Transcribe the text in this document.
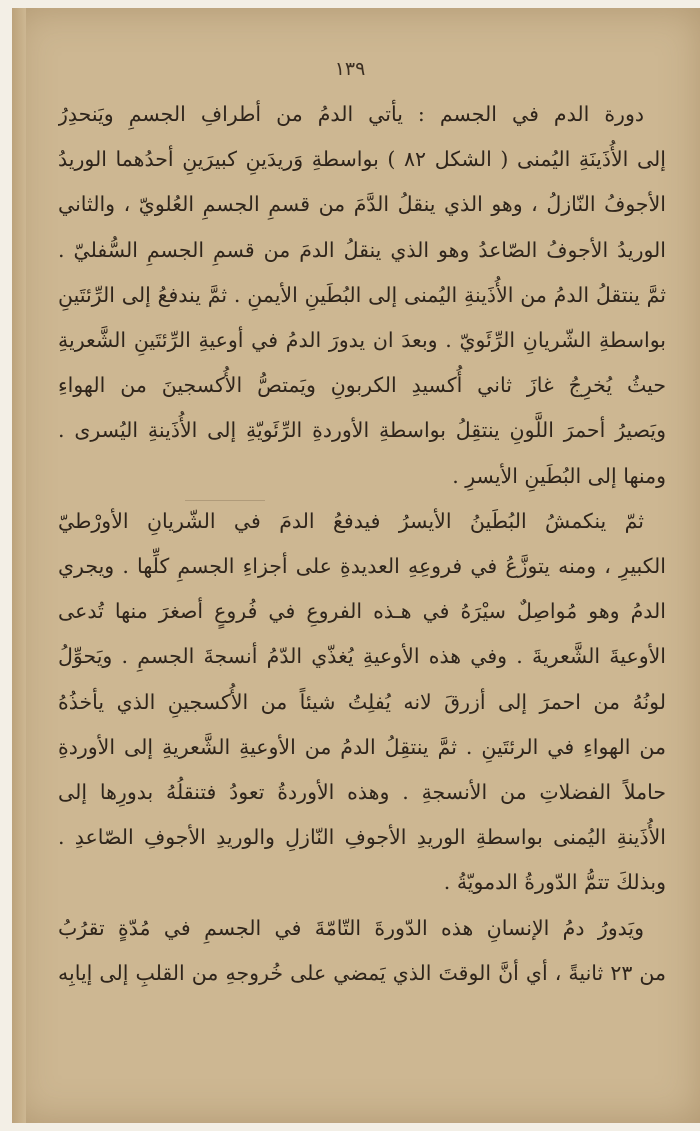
١٣٩
دورة الدم في الجسم : يأتي الدمُ من أطرافِ الجسمِ ويَنحدِرُ
إلى الأُذَينَةِ اليُمنى ( الشكل ٨٢ ) بواسطةِ وَريدَينِ كبيرَينِ أحدُهما الوريدُ
الأجوفُ النّازلُ ، وهو الذي ينقلُ الدَّمَ من قسمِ الجسمِ العُلويّ ، والثاني
الوريدُ الأجوفُ الصّاعدُ وهو الذي ينقلُ الدمَ من قسمِ الجسمِ السُّفليّ .
ثمَّ ينتقلُ الدمُ من الأُذَينةِ اليُمنى إلى البُطَينِ الأيمنِ . ثمَّ يندفعُ إلى الرِّئتَينِ
بواسطةِ الشّريانِ الرِّئَويّ . وبعدَ ان يدورَ الدمُ في أوعيةِ الرِّئتَينِ الشَّعريةِ
حيثُ يُخرِجُ غازَ ثاني أُكسيدِ الكربونِ ويَمتصُّ الأُكسجينَ من الهواءِ
ويَصيرُ أحمرَ اللَّونِ ينتقِلُ بواسطةِ الأوردةِ الرِّئَويّةِ إلى الأُذَينةِ اليُسرى .
ومنها إلى البُطَينِ الأيسرِ .
ثمّ ينكمشُ البُطَينُ الأيسرُ فيدفعُ الدمَ في الشّريانِ الأورْطيّ
الكبيرِ ، ومنه يتوزَّعُ في فروعِهِ العديدةِ على أجزاءِ الجسمِ كلِّها . ويجري
الدمُ وهو مُواصِلٌ سيْرَهُ في هـذه الفروعِ في فُروعٍ أصغرَ منها تُدعى
الأوعيةَ الشَّعريةَ . وفي هذه الأوعيةِ يُغذّي الدّمُ أنسجةَ الجسمِ . ويَحوِّلُ
لونُهُ من احمرَ إلى أزرقَ لانه يُفلِتُ شيئاً من الأُكسجينِ الذي يأخذُهُ
من الهواءِ في الرئتَينِ . ثمَّ ينتقِلُ الدمُ من الأوعيةِ الشَّعريةِ إلى الأوردةِ
حاملاً الفضلاتِ من الأنسجةِ . وهذه الأوردةُ تعودُ فتنقلُهُ بدورِها إلى
الأُذَينةِ اليُمنى بواسطةِ الوريدِ الأجوفِ النّازلِ والوريدِ الأجوفِ الصّاعدِ .
وبذلكَ تتمُّ الدّورةُ الدمويّةُ .
ويَدورُ دمُ الإنسانِ هذه الدّورةَ التّامّةَ في الجسمِ في مُدّةٍ تقرُبُ
من ٢٣ ثانيةً ، أي أنَّ الوقتَ الذي يَمضي على خُروجهِ من القلبِ إلى إيابِه
